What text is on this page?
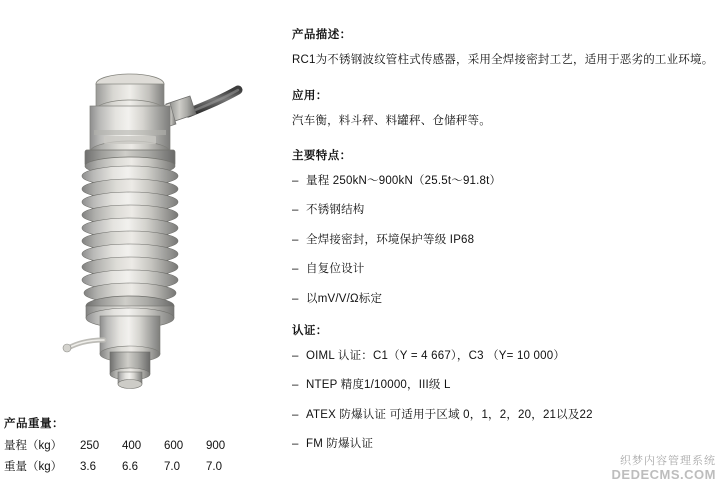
产品重量：
量程（kg）	250	400	600	900
重量（kg）	3.6	6.6	7.0	7.0
产品描述：

RC1为不锈钢波纹管柱式传感器，采用全焊接密封工艺，适用于恶劣的工业环境。

应用：

汽车衡，料斗秤、料罐秤、仓储秤等。

主要特点：
– 量程 250kN～900kN（25.5t～91.8t）
– 不锈钢结构
– 全焊接密封，环境保护等级 IP68
– 自复位设计
– 以mV/V/Ω标定
认证：
– OIML 认证：C1（Y = 4 667），C3 （Y= 10 000）
– NTEP 精度1/10000，III级 L
– ATEX 防爆认证 可适用于区域 0，1，2，20，21以及22
– FM 防爆认证
织梦内容管理系统
DEDECMS.COM
